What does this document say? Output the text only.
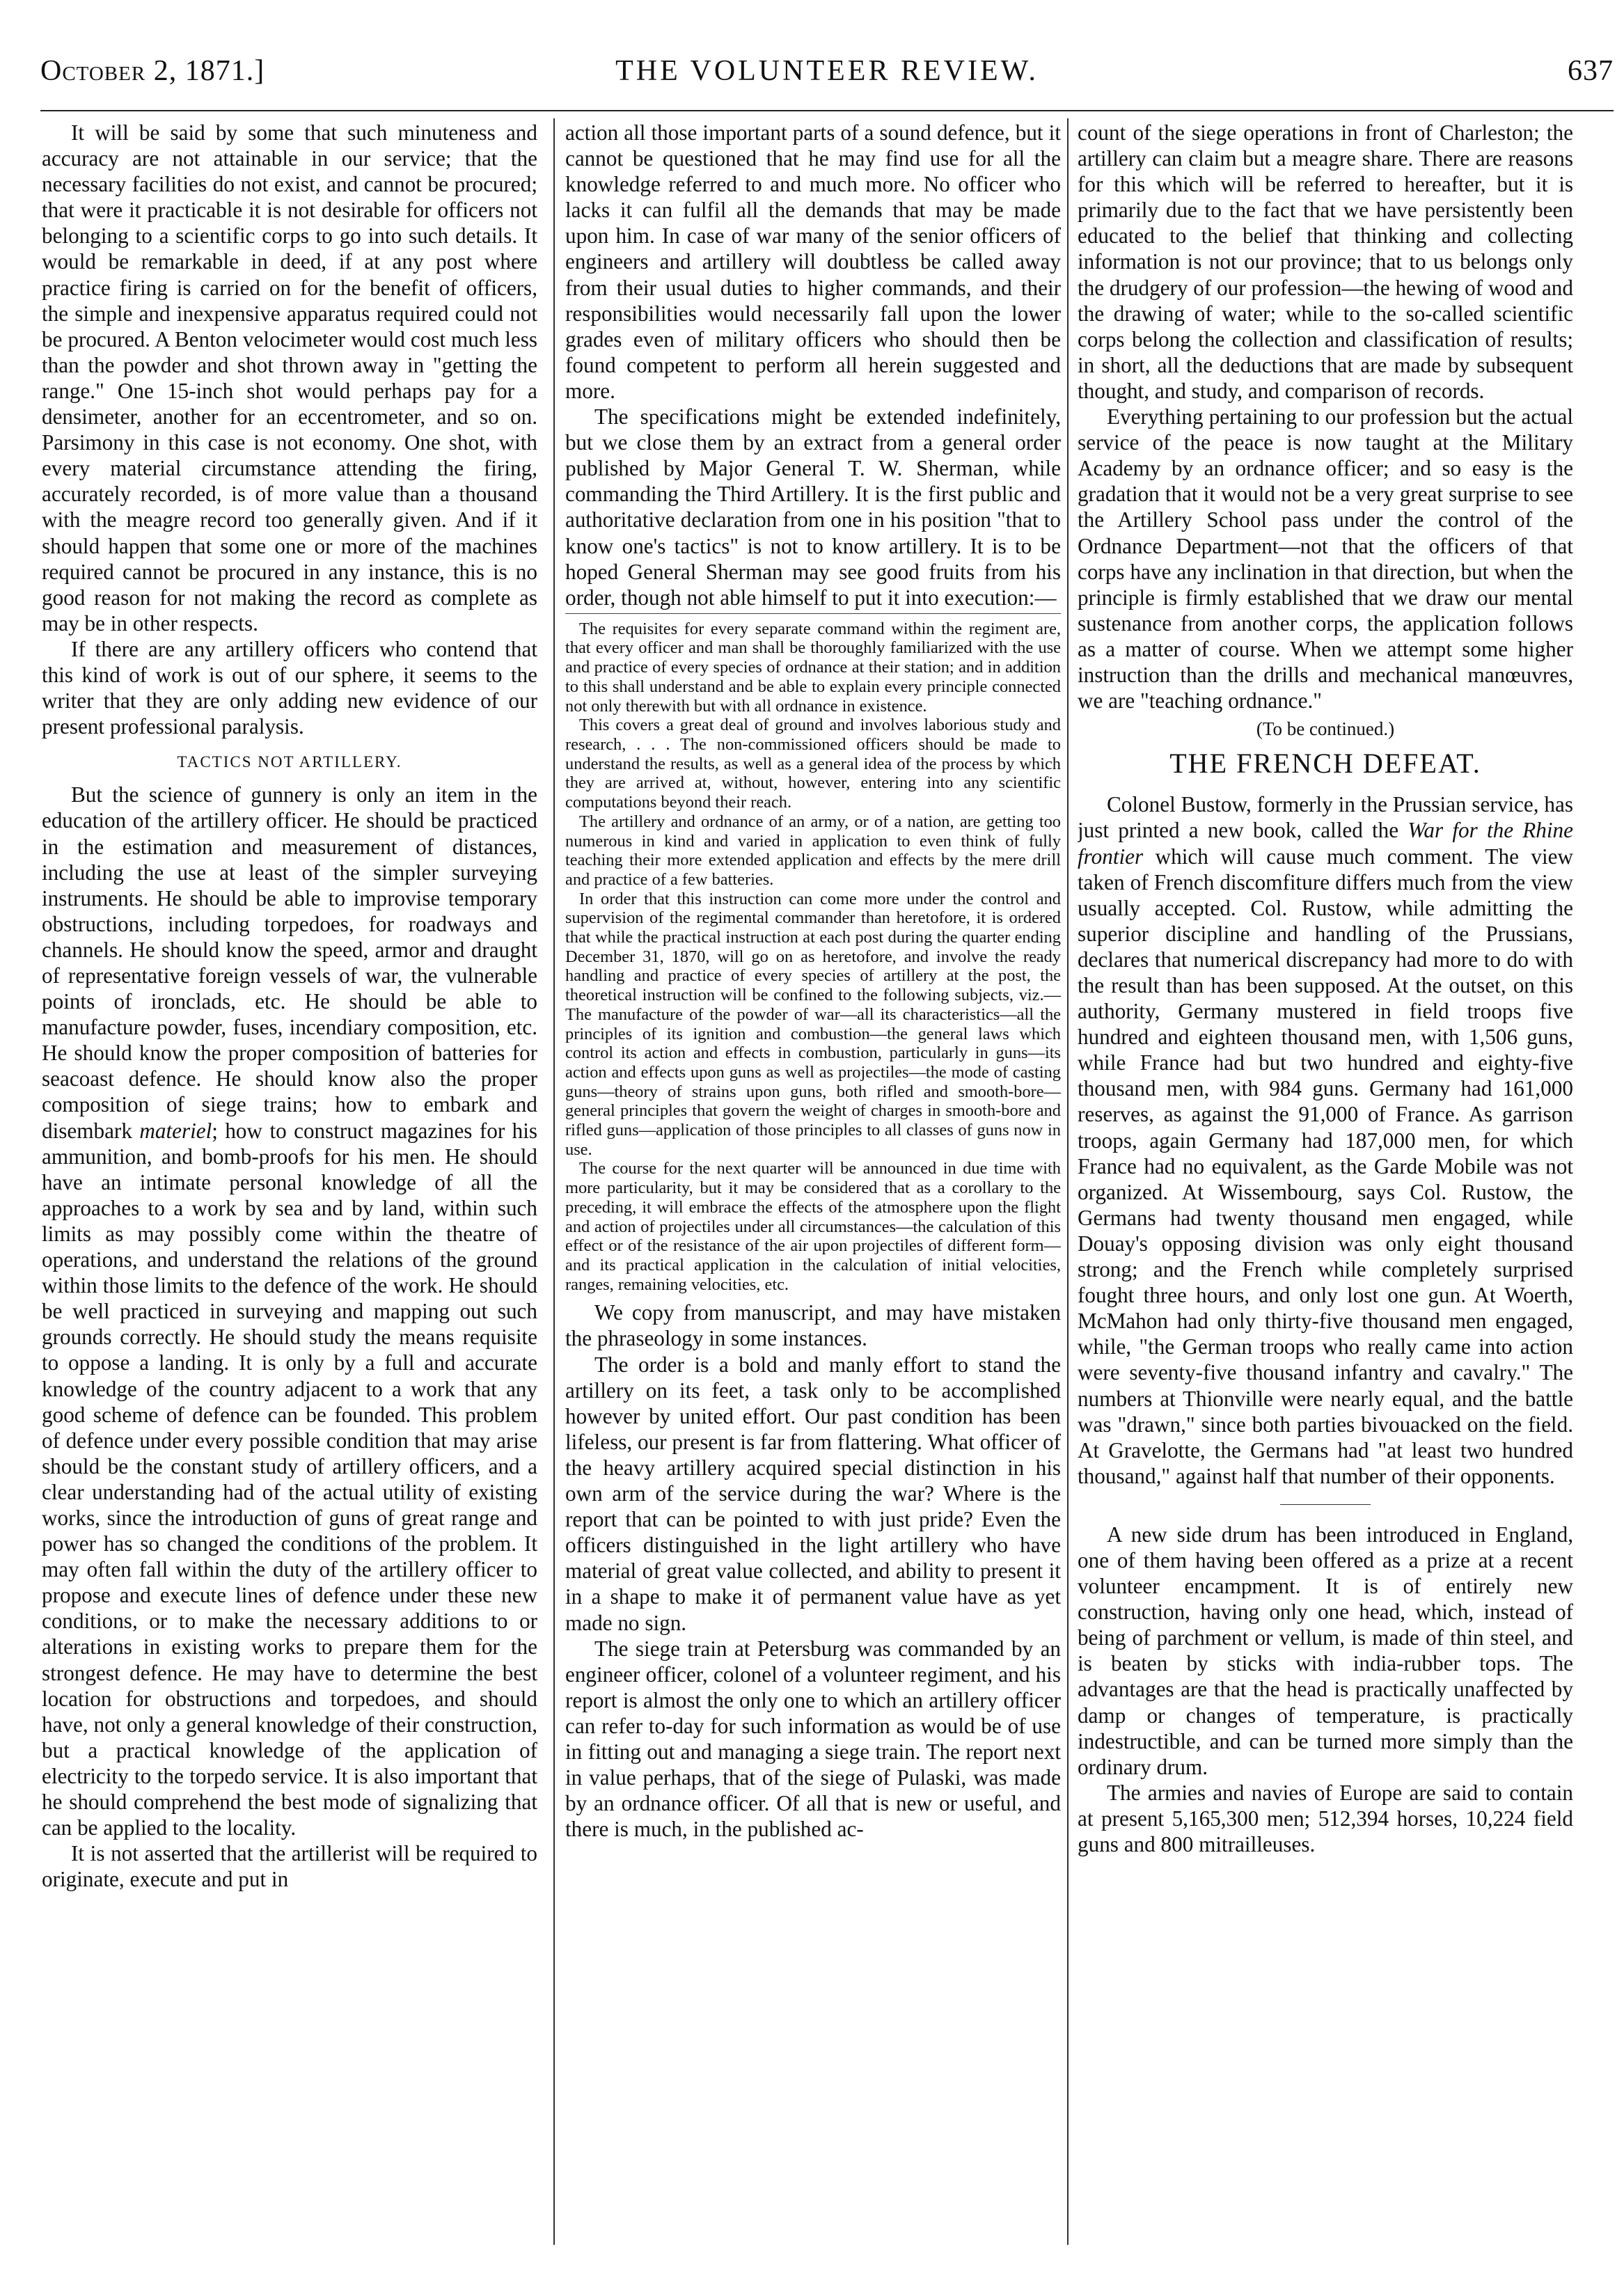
October 2, 1871.]	THE VOLUNTEER REVIEW.	637

It will be said by some that such minuteness and accuracy are not attainable in our service; that the necessary facilities do not exist, and cannot be procured; that were it practicable it is not desirable for officers not belonging to a scientific corps to go into such details. It would be remarkable in deed, if at any post where practice firing is carried on for the benefit of officers, the simple and inexpensive apparatus required could not be procured. A Benton velocimeter would cost much less than the powder and shot thrown away in "getting the range." One 15-inch shot would perhaps pay for a densimeter, another for an eccentrometer, and so on. Parsimony in this case is not economy. One shot, with every material circumstance attending the firing, accurately recorded, is of more value than a thousand with the meagre record too generally given. And if it should happen that some one or more of the machines required cannot be procured in any instance, this is no good reason for not making the record as complete as may be in other respects.

If there are any artillery officers who contend that this kind of work is out of our sphere, it seems to the writer that they are only adding new evidence of our present professional paralysis.

TACTICS NOT ARTILLERY.

But the science of gunnery is only an item in the education of the artillery officer. He should be practiced in the estimation and measurement of distances, including the use at least of the simpler surveying instruments. He should be able to improvise temporary obstructions, including torpedoes, for roadways and channels. He should know the speed, armor and draught of representative foreign vessels of war, the vulnerable points of ironclads, etc. He should be able to manufacture powder, fuses, incendiary composition, etc. He should know the proper composition of batteries for seacoast defence. He should know also the proper composition of siege trains; how to embark and disembark materiel; how to construct magazines for his ammunition, and bomb-proofs for his men. He should have an intimate personal knowledge of all the approaches to a work by sea and by land, within such limits as may possibly come within the theatre of operations, and understand the relations of the ground within those limits to the defence of the work. He should be well practiced in surveying and mapping out such grounds correctly. He should study the means requisite to oppose a landing. It is only by a full and accurate knowledge of the country adjacent to a work that any good scheme of defence can be founded. This problem of defence under every possible condition that may arise should be the constant study of artillery officers, and a clear understanding had of the actual utility of existing works, since the introduction of guns of great range and power has so changed the conditions of the problem. It may often fall within the duty of the artillery officer to propose and execute lines of defence under these new conditions, or to make the necessary additions to or alterations in existing works to prepare them for the strongest defence. He may have to determine the best location for obstructions and torpedoes, and should have, not only a general knowledge of their construction, but a practical knowledge of the application of electricity to the torpedo service. It is also important that he should comprehend the best mode of signalizing that can be applied to the locality.

It is not asserted that the artillerist will be required to originate, execute and put in

action all those important parts of a sound defence, but it cannot be questioned that he may find use for all the knowledge referred to and much more. No officer who lacks it can fulfil all the demands that may be made upon him. In case of war many of the senior officers of engineers and artillery will doubtless be called away from their usual duties to higher commands, and their responsibilities would necessarily fall upon the lower grades even of military officers who should then be found competent to perform all herein suggested and more.

The specifications might be extended indefinitely, but we close them by an extract from a general order published by Major General T. W. Sherman, while commanding the Third Artillery. It is the first public and authoritative declaration from one in his position "that to know one's tactics" is not to know artillery. It is to be hoped General Sherman may see good fruits from his order, though not able himself to put it into execution:—

The requisites for every separate command within the regiment are, that every officer and man shall be thoroughly familiarized with the use and practice of every species of ordnance at their station; and in addition to this shall understand and be able to explain every principle connected not only therewith but with all ordnance in existence.

This covers a great deal of ground and involves laborious study and research, . . . The non-commissioned officers should be made to understand the results, as well as a general idea of the process by which they are arrived at, without, however, entering into any scientific computations beyond their reach.

The artillery and ordnance of an army, or of a nation, are getting too numerous in kind and varied in application to even think of fully teaching their more extended application and effects by the mere drill and practice of a few batteries.

In order that this instruction can come more under the control and supervision of the regimental commander than heretofore, it is ordered that while the practical instruction at each post during the quarter ending December 31, 1870, will go on as heretofore, and involve the ready handling and practice of every species of artillery at the post, the theoretical instruction will be confined to the following subjects, viz.— The manufacture of the powder of war—all its characteristics—all the principles of its ignition and combustion—the general laws which control its action and effects in combustion, particularly in guns—its action and effects upon guns as well as projectiles—the mode of casting guns—theory of strains upon guns, both rifled and smooth-bore—general principles that govern the weight of charges in smooth-bore and rifled guns—application of those principles to all classes of guns now in use.

The course for the next quarter will be announced in due time with more particularity, but it may be considered that as a corollary to the preceding, it will embrace the effects of the atmosphere upon the flight and action of projectiles under all circumstances—the calculation of this effect or of the resistance of the air upon projectiles of different form—and its practical application in the calculation of initial velocities, ranges, remaining velocities, etc.

We copy from manuscript, and may have mistaken the phraseology in some instances.

The order is a bold and manly effort to stand the artillery on its feet, a task only to be accomplished however by united effort. Our past condition has been lifeless, our present is far from flattering. What officer of the heavy artillery acquired special distinction in his own arm of the service during the war? Where is the report that can be pointed to with just pride? Even the officers distinguished in the light artillery who have material of great value collected, and ability to present it in a shape to make it of permanent value have as yet made no sign.

The siege train at Petersburg was commanded by an engineer officer, colonel of a volunteer regiment, and his report is almost the only one to which an artillery officer can refer to-day for such information as would be of use in fitting out and managing a siege train. The report next in value perhaps, that of the siege of Pulaski, was made by an ordnance officer. Of all that is new or useful, and there is much, in the published ac-

count of the siege operations in front of Charleston; the artillery can claim but a meagre share. There are reasons for this which will be referred to hereafter, but it is primarily due to the fact that we have persistently been educated to the belief that thinking and collecting information is not our province; that to us belongs only the drudgery of our profession—the hewing of wood and the drawing of water; while to the so-called scientific corps belong the collection and classification of results; in short, all the deductions that are made by subsequent thought, and study, and comparison of records.

Everything pertaining to our profession but the actual service of the peace is now taught at the Military Academy by an ordnance officer; and so easy is the gradation that it would not be a very great surprise to see the Artillery School pass under the control of the Ordnance Department—not that the officers of that corps have any inclination in that direction, but when the principle is firmly established that we draw our mental sustenance from another corps, the application follows as a matter of course. When we attempt some higher instruction than the drills and mechanical manœuvres, we are "teaching ordnance."

(To be continued.)
THE FRENCH DEFEAT.

Colonel Bustow, formerly in the Prussian service, has just printed a new book, called the War for the Rhine frontier which will cause much comment. The view taken of French discomfiture differs much from the view usually accepted. Col. Rustow, while admitting the superior discipline and handling of the Prussians, declares that numerical discrepancy had more to do with the result than has been supposed. At the outset, on this authority, Germany mustered in field troops five hundred and eighteen thousand men, with 1,506 guns, while France had but two hundred and eighty-five thousand men, with 984 guns. Germany had 161,000 reserves, as against the 91,000 of France. As garrison troops, again Germany had 187,000 men, for which France had no equivalent, as the Garde Mobile was not organized. At Wissembourg, says Col. Rustow, the Germans had twenty thousand men engaged, while Douay's opposing division was only eight thousand strong; and the French while completely surprised fought three hours, and only lost one gun. At Woerth, McMahon had only thirty-five thousand men engaged, while, "the German troops who really came into action were seventy-five thousand infantry and cavalry." The numbers at Thionville were nearly equal, and the battle was "drawn," since both parties bivouacked on the field. At Gravelotte, the Germans had "at least two hundred thousand," against half that number of their opponents.

A new side drum has been introduced in England, one of them having been offered as a prize at a recent volunteer encampment. It is of entirely new construction, having only one head, which, instead of being of parchment or vellum, is made of thin steel, and is beaten by sticks with india-rubber tops. The advantages are that the head is practically unaffected by damp or changes of temperature, is practically indestructible, and can be turned more simply than the ordinary drum.

The armies and navies of Europe are said to contain at present 5,165,300 men; 512,394 horses, 10,224 field guns and 800 mitrailleuses.
